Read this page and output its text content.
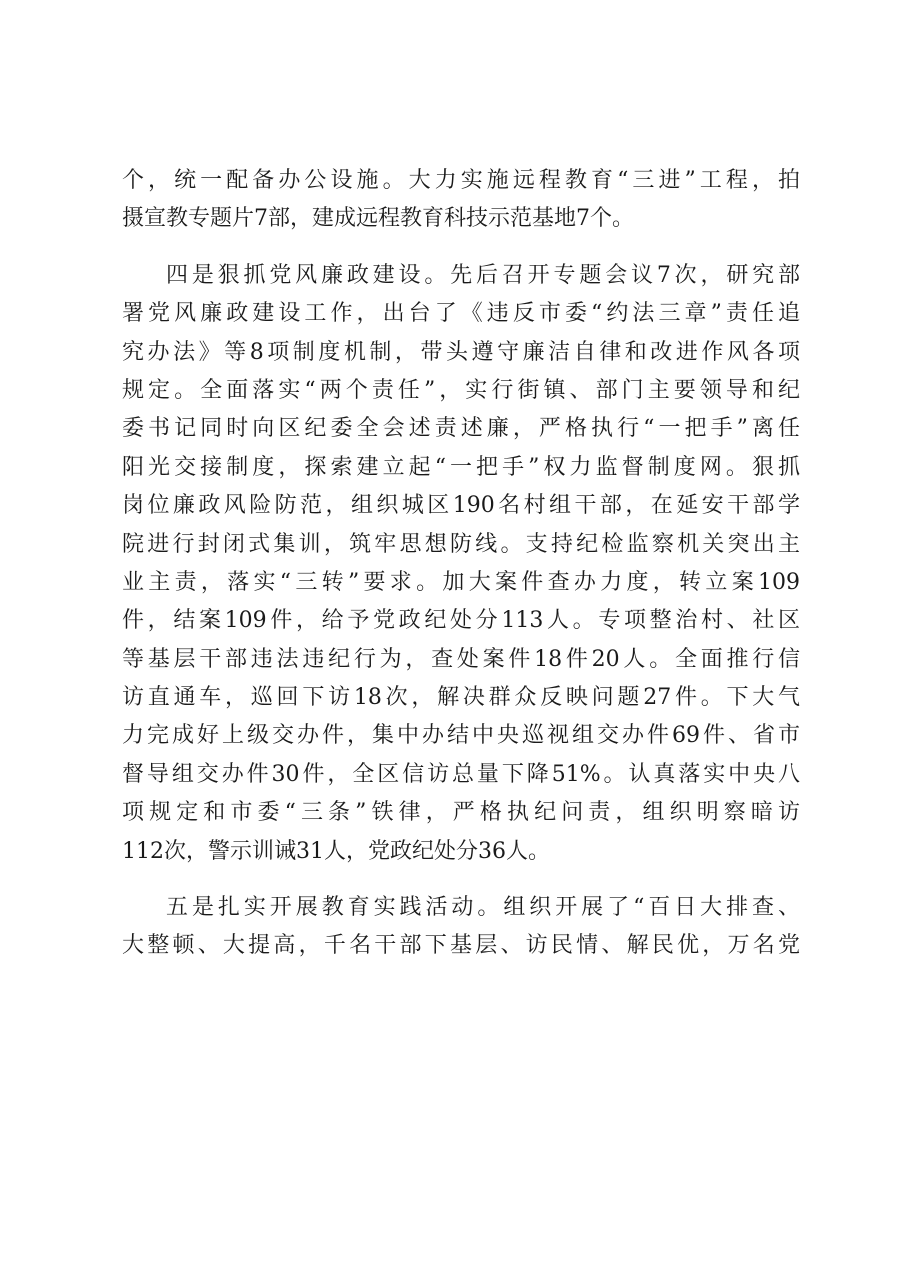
个，统一配备办公设施。大力实施远程教育“三进”工程，拍
摄宣教专题片7部，建成远程教育科技示范基地7个。
四是狠抓党风廉政建设。先后召开专题会议7次，研究部
署党风廉政建设工作，出台了《违反市委“约法三章”责任追
究办法》等8项制度机制，带头遵守廉洁自律和改进作风各项
规定。全面落实“两个责任”，实行街镇、部门主要领导和纪
委书记同时向区纪委全会述责述廉，严格执行“一把手”离任
阳光交接制度，探索建立起“一把手”权力监督制度网。狠抓
岗位廉政风险防范，组织城区190名村组干部，在延安干部学
院进行封闭式集训，筑牢思想防线。支持纪检监察机关突出主
业主责，落实“三转”要求。加大案件查办力度，转立案109
件，结案109件，给予党政纪处分113人。专项整治村、社区
等基层干部违法违纪行为，查处案件18件20人。全面推行信
访直通车，巡回下访18次，解决群众反映问题27件。下大气
力完成好上级交办件，集中办结中央巡视组交办件69件、省市
督导组交办件30件，全区信访总量下降51%。认真落实中央八
项规定和市委“三条”铁律，严格执纪问责，组织明察暗访
112次，警示训诫31人，党政纪处分36人。
五是扎实开展教育实践活动。组织开展了“百日大排查、
大整顿、大提高，千名干部下基层、访民情、解民优，万名党
